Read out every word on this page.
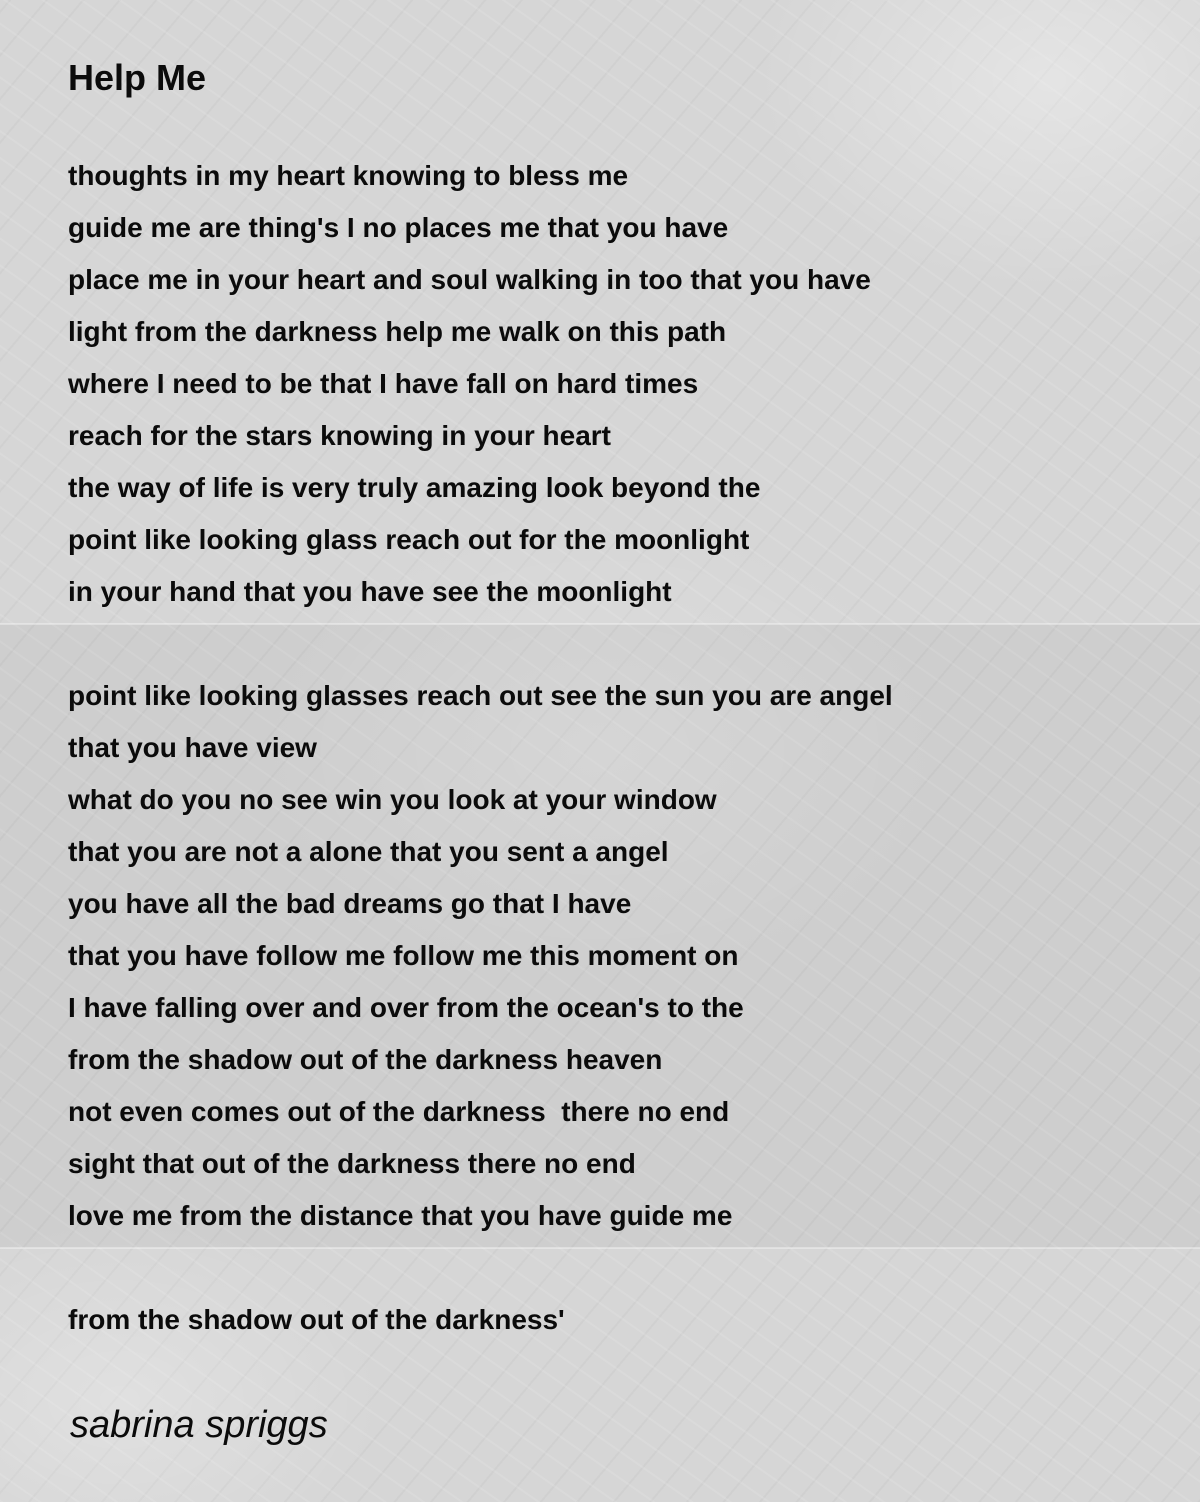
Help Me
thoughts in my heart knowing to bless me
guide me are thing's I no places me that you have
place me in your heart and soul walking in too that you have
light from the darkness help me walk on this path
where I need to be that I have fall on hard times
reach for the stars knowing in your heart
the way of life is very truly amazing look beyond the
point like looking glass reach out for the moonlight
in your hand that you have see the moonlight
point like looking glasses reach out see the sun you are angel
that you have view
what do you no see win you look at your window
that you are not a alone that you sent a angel
you have all the bad dreams go that I have
that you have follow me follow me this moment on
I have falling over and over from the ocean's to the
from the shadow out of the darkness heaven
not even comes out of the darkness  there no end
sight that out of the darkness there no end
love me from the distance that you have guide me
from the shadow out of the darkness'
sabrina spriggs
